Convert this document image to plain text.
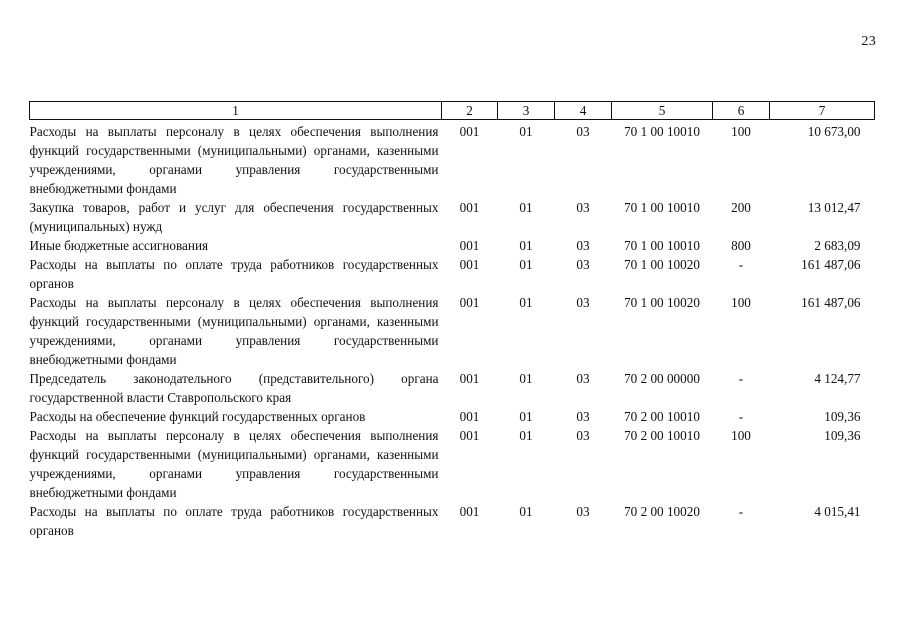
23
1	2	3	4	5	6	7
Расходы на выплаты персоналу в целях обеспечения выполнения функций государственными (муниципальными) органами, казенными учреждениями, органами управления государственными внебюджетными фондами	001	01	03	70 1 00 10010	100	10 673,00
Закупка товаров, работ и услуг для обеспечения государственных (муниципальных) нужд	001	01	03	70 1 00 10010	200	13 012,47
Иные бюджетные ассигнования	001	01	03	70 1 00 10010	800	2 683,09
Расходы на выплаты по оплате труда работников государственных органов	001	01	03	70 1 00 10020	-	161 487,06
Расходы на выплаты персоналу в целях обеспечения выполнения функций государственными (муниципальными) органами, казенными учреждениями, органами управления государственными внебюджетными фондами	001	01	03	70 1 00 10020	100	161 487,06
Председатель законодательного (представительного) органа государственной власти Ставропольского края	001	01	03	70 2 00 00000	-	4 124,77
Расходы на обеспечение функций государственных органов	001	01	03	70 2 00 10010	-	109,36
Расходы на выплаты персоналу в целях обеспечения выполнения функций государственными (муниципальными) органами, казенными учреждениями, органами управления государственными внебюджетными фондами	001	01	03	70 2 00 10010	100	109,36
Расходы на выплаты по оплате труда работников государственных органов	001	01	03	70 2 00 10020	-	4 015,41
